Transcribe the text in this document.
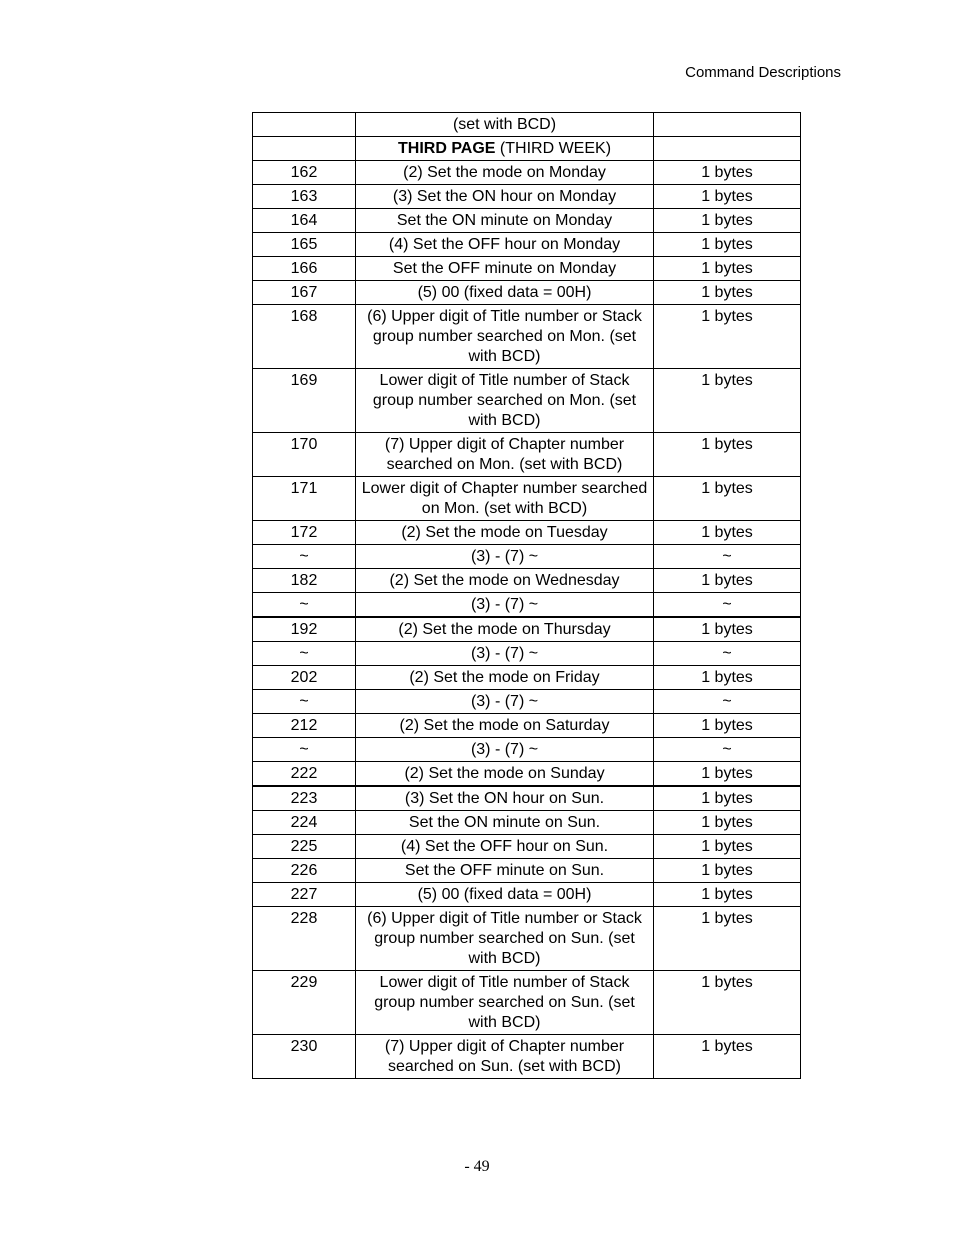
Command Descriptions
	(set with BCD)	
	THIRD PAGE (THIRD WEEK)	
162	(2) Set the mode on Monday	1 bytes
163	(3) Set the ON hour on Monday	1 bytes
164	Set the ON minute on Monday	1 bytes
165	(4) Set the OFF hour on Monday	1 bytes
166	Set the OFF minute on Monday	1 bytes
167	(5) 00 (fixed data = 00H)	1 bytes
168	(6) Upper digit of Title number or Stack group number searched on Mon. (set with BCD)	1 bytes
169	Lower digit of Title number of Stack group number searched on Mon. (set with BCD)	1 bytes
170	(7) Upper digit of Chapter number searched on Mon. (set with BCD)	1 bytes
171	Lower digit of Chapter number searched on Mon. (set with BCD)	1 bytes
172	(2) Set the mode on Tuesday	1 bytes
~	(3) - (7) ~	~
182	(2) Set the mode on Wednesday	1 bytes
~	(3) - (7) ~	~
192	(2) Set the mode on Thursday	1 bytes
~	(3) - (7) ~	~
202	(2) Set the mode on Friday	1 bytes
~	(3) - (7) ~	~
212	(2) Set the mode on Saturday	1 bytes
~	(3) - (7) ~	~
222	(2) Set the mode on Sunday	1 bytes
223	(3) Set the ON hour on Sun.	1 bytes
224	Set the ON minute on Sun.	1 bytes
225	(4) Set the OFF hour on Sun.	1 bytes
226	Set the OFF minute on Sun.	1 bytes
227	(5) 00 (fixed data = 00H)	1 bytes
228	(6) Upper digit of Title number or Stack group number searched on Sun. (set with BCD)	1 bytes
229	Lower digit of Title number of Stack group number searched on Sun. (set with BCD)	1 bytes
230	(7) Upper digit of Chapter number searched on Sun. (set with BCD)	1 bytes
- 49
